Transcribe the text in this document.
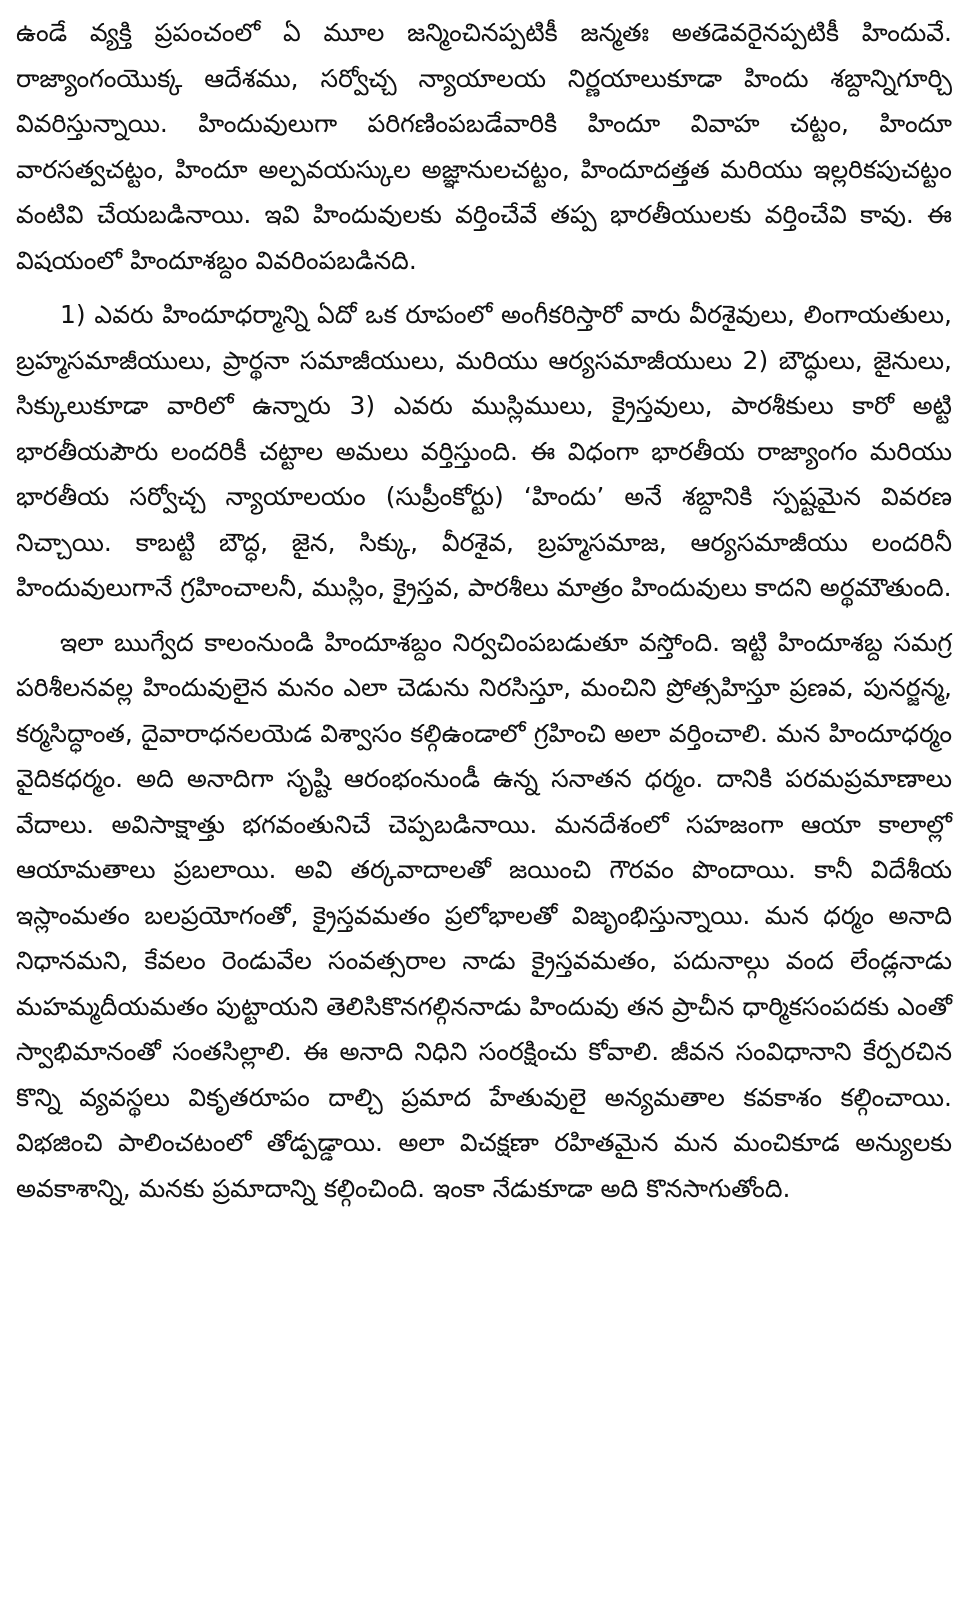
ఉండే వ్యక్తి ప్రపంచంలో ఏ మూల జన్మించినప్పటికీ జన్మతః అతడెవరైనప్పటికీ హిందువే. రాజ్యాంగంయొక్క ఆదేశము, సర్వోచ్చ న్యాయాలయ నిర్ణయాలుకూడా హిందు శబ్దాన్నిగూర్చి వివరిస్తున్నాయి. హిందువులుగా పరిగణింపబడేవారికి హిందూ వివాహ చట్టం, హిందూ వారసత్వచట్టం, హిందూ అల్పవయస్కుల అజ్ఞానులచట్టం, హిందూదత్తత మరియు ఇల్లరికపుచట్టం వంటివి చేయబడినాయి. ఇవి హిందువులకు వర్తించేవే తప్ప భారతీయులకు వర్తించేవి కావు. ఈ విషయంలో హిందూశబ్దం వివరింపబడినది.

1) ఎవరు హిందూధర్మాన్ని ఏదో ఒక రూపంలో అంగీకరిస్తారో వారు వీరశైవులు, లింగాయతులు, బ్రహ్మసమాజీయులు, ప్రార్థనా సమాజీయులు, మరియు ఆర్యసమాజీయులు 2) బౌద్ధులు, జైనులు, సిక్కులుకూడా వారిలో ఉన్నారు 3) ఎవరు ముస్లిములు, క్రైస్తవులు, పారశీకులు కారో అట్టి భారతీయపౌరు లందరికీ చట్టాల అమలు వర్తిస్తుంది. ఈ విధంగా భారతీయ రాజ్యాంగం మరియు భారతీయ సర్వోచ్చ న్యాయాలయం (సుప్రీంకోర్టు) ‘హిందు’ అనే శబ్దానికి స్పష్టమైన వివరణ నిచ్చాయి. కాబట్టి బౌద్ధ, జైన, సిక్కు, వీరశైవ, బ్రహ్మసమాజ, ఆర్యసమాజీయు లందరినీ హిందువులుగానే గ్రహించాలనీ, ముస్లిం, క్రైస్తవ, పారశీలు మాత్రం హిందువులు కాదని అర్థమౌతుంది.

ఇలా ఋగ్వేద కాలంనుండి హిందూశబ్దం నిర్వచింపబడుతూ వస్తోంది. ఇట్టి హిందూశబ్ద సమగ్ర పరిశీలనవల్ల హిందువులైన మనం ఎలా చెడును నిరసిస్తూ, మంచిని ప్రోత్సహిస్తూ ప్రణవ, పునర్జన్మ, కర్మసిద్ధాంత, దైవారాధనలయెడ విశ్వాసం కల్గిఉండాలో గ్రహించి అలా వర్తించాలి. మన హిందూధర్మం వైదికధర్మం. అది అనాదిగా సృష్టి ఆరంభంనుండీ ఉన్న సనాతన ధర్మం. దానికి పరమప్రమాణాలు వేదాలు. అవిసాక్షాత్తు భగవంతునిచే చెప్పబడినాయి. మనదేశంలో సహజంగా ఆయా కాలాల్లో ఆయామతాలు ప్రబలాయి. అవి తర్కవాదాలతో జయించి గౌరవం పొందాయి. కానీ విదేశీయ ఇస్లాంమతం బలప్రయోగంతో, క్రైస్తవమతం ప్రలోభాలతో విజృంభిస్తున్నాయి. మన ధర్మం అనాది నిధానమని, కేవలం రెండువేల సంవత్సరాల నాడు క్రైస్తవమతం, పదునాల్గు వంద లేండ్లనాడు మహమ్మదీయమతం పుట్టాయని తెలిసికొనగల్గిననాడు హిందువు తన ప్రాచీన ధార్మికసంపదకు ఎంతో స్వాభిమానంతో సంతసిల్లాలి. ఈ అనాది నిధిని సంరక్షించు కోవాలి. జీవన సంవిధానాని కేర్పరచిన కొన్ని వ్యవస్థలు వికృతరూపం దాల్చి ప్రమాద హేతువులై అన్యమతాల కవకాశం కల్గించాయి. విభజించి పాలించటంలో తోడ్పడ్డాయి. అలా విచక్షణా రహితమైన మన మంచికూడ అన్యులకు అవకాశాన్ని, మనకు ప్రమాదాన్ని కల్గించింది. ఇంకా నేడుకూడా అది కొనసాగుతోంది.
